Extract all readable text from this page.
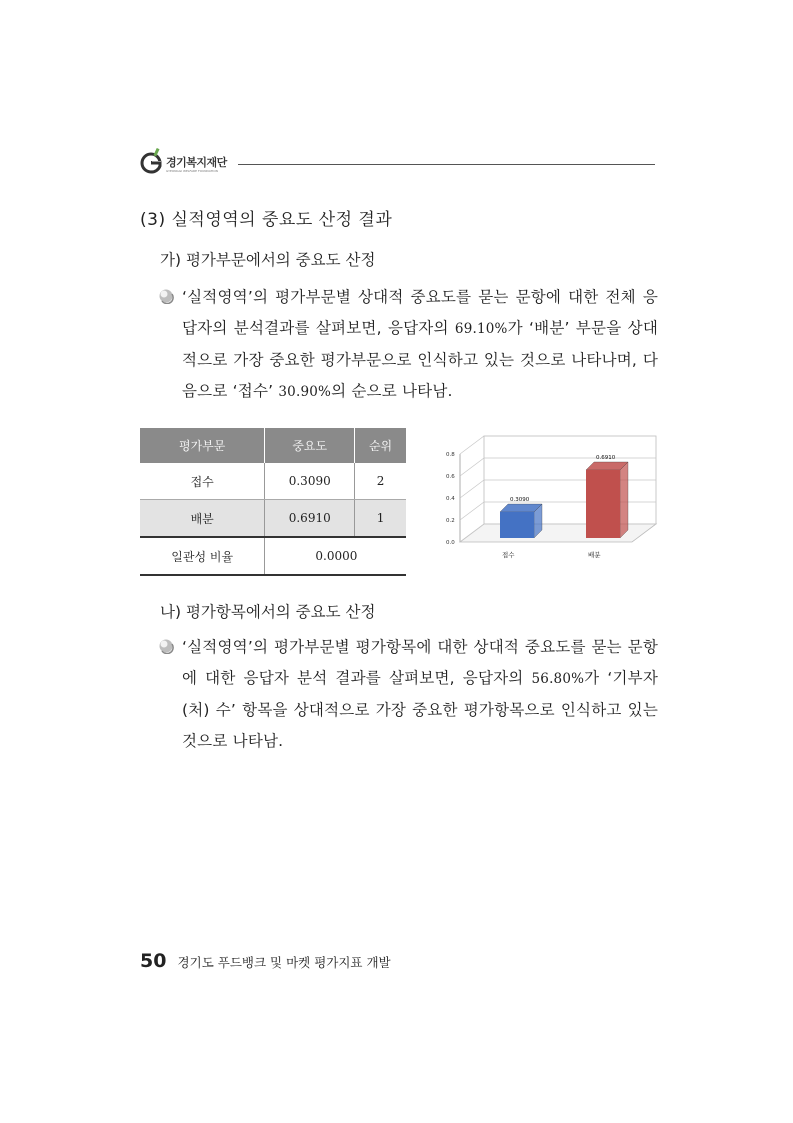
경기복지재단
GYEONGGI WELFARE FOUNDATION
(3) 실적영역의 중요도 산정 결과
가) 평가부문에서의 중요도 산정

‘실적영역’의 평가부문별 상대적 중요도를 묻는 문항에 대한 전체 응답자의 분석결과를 살펴보면, 응답자의 69.10%가 ‘배분’ 부문을 상대적으로 가장 중요한 평가부문으로 인식하고 있는 것으로 나타나며, 다음으로 ‘접수’ 30.90%의 순으로 나타남.

평가부문	중요도	순위
접수	0.3090	2
배분	0.6910	1
일관성 비율	0.0000	
0.0
0.2
0.4
0.6
0.8
0.3090
접수
0.6910
배분
나) 평가항목에서의 중요도 산정

‘실적영역’의 평가부문별 평가항목에 대한 상대적 중요도를 묻는 문항에 대한 응답자 분석 결과를 살펴보면, 응답자의 56.80%가 ‘기부자(처) 수’ 항목을 상대적으로 가장 중요한 평가항목으로 인식하고 있는 것으로 나타남.

50 경기도 푸드뱅크 및 마켓 평가지표 개발
